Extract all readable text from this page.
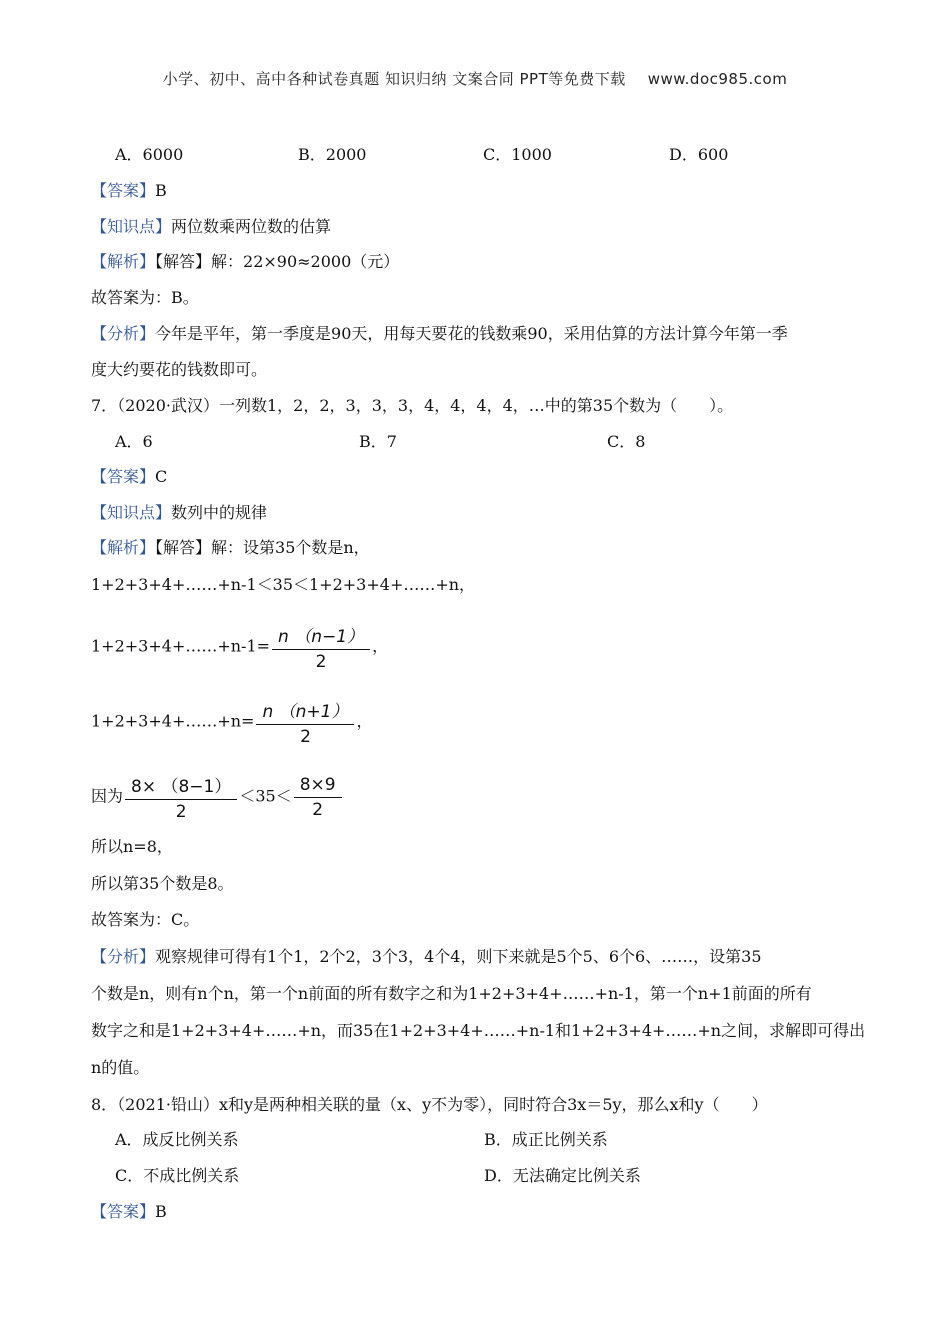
小学、初中、高中各种试卷真题 知识归纳 文案合同 PPT等免费下载 www.doc985.com
A．6000	B．2000	C．1000	D．600
【答案】B
【知识点】两位数乘两位数的估算
【解析】【解答】解：22×90≈2000（元）
故答案为：B。
【分析】今年是平年，第一季度是90天，用每天要花的钱数乘90，采用估算的方法计算今年第一季
度大约要花的钱数即可。
7．（2020·武汉）一列数1，2，2，3，3，3，4，4，4，4，…中的第35个数为（　　）。
A．6	B．7	C．8
【答案】C
【知识点】数列中的规律
【解析】【解答】解：设第35个数是n，
1+2+3+4+……+n-1＜35＜1+2+3+4+……+n，
1+2+3+4+……+n-1= $\frac{n (n-1)}{2}$ ，
1+2+3+4+……+n= $\frac{n (n+1)}{2}$ ，
因为 $\frac{8\times (8-1)}{2} <35< \frac{8\times 9}{2}$
所以n=8，
所以第35个数是8。
故答案为：C。
【分析】观察规律可得有1个1，2个2，3个3，4个4，则下来就是5个5、6个6、……，设第35
个数是n，则有n个n，第一个n前面的所有数字之和为1+2+3+4+……+n-1，第一个n+1前面的所有
数字之和是1+2+3+4+……+n，而35在1+2+3+4+……+n-1和1+2+3+4+……+n之间，求解即可得出
n的值。
8．（2021·铅山）x和y是两种相关联的量（x、y不为零），同时符合3x＝5y，那么x和y（　　）
A．成反比例关系	B．成正比例关系
C．不成比例关系	D．无法确定比例关系
【答案】B
